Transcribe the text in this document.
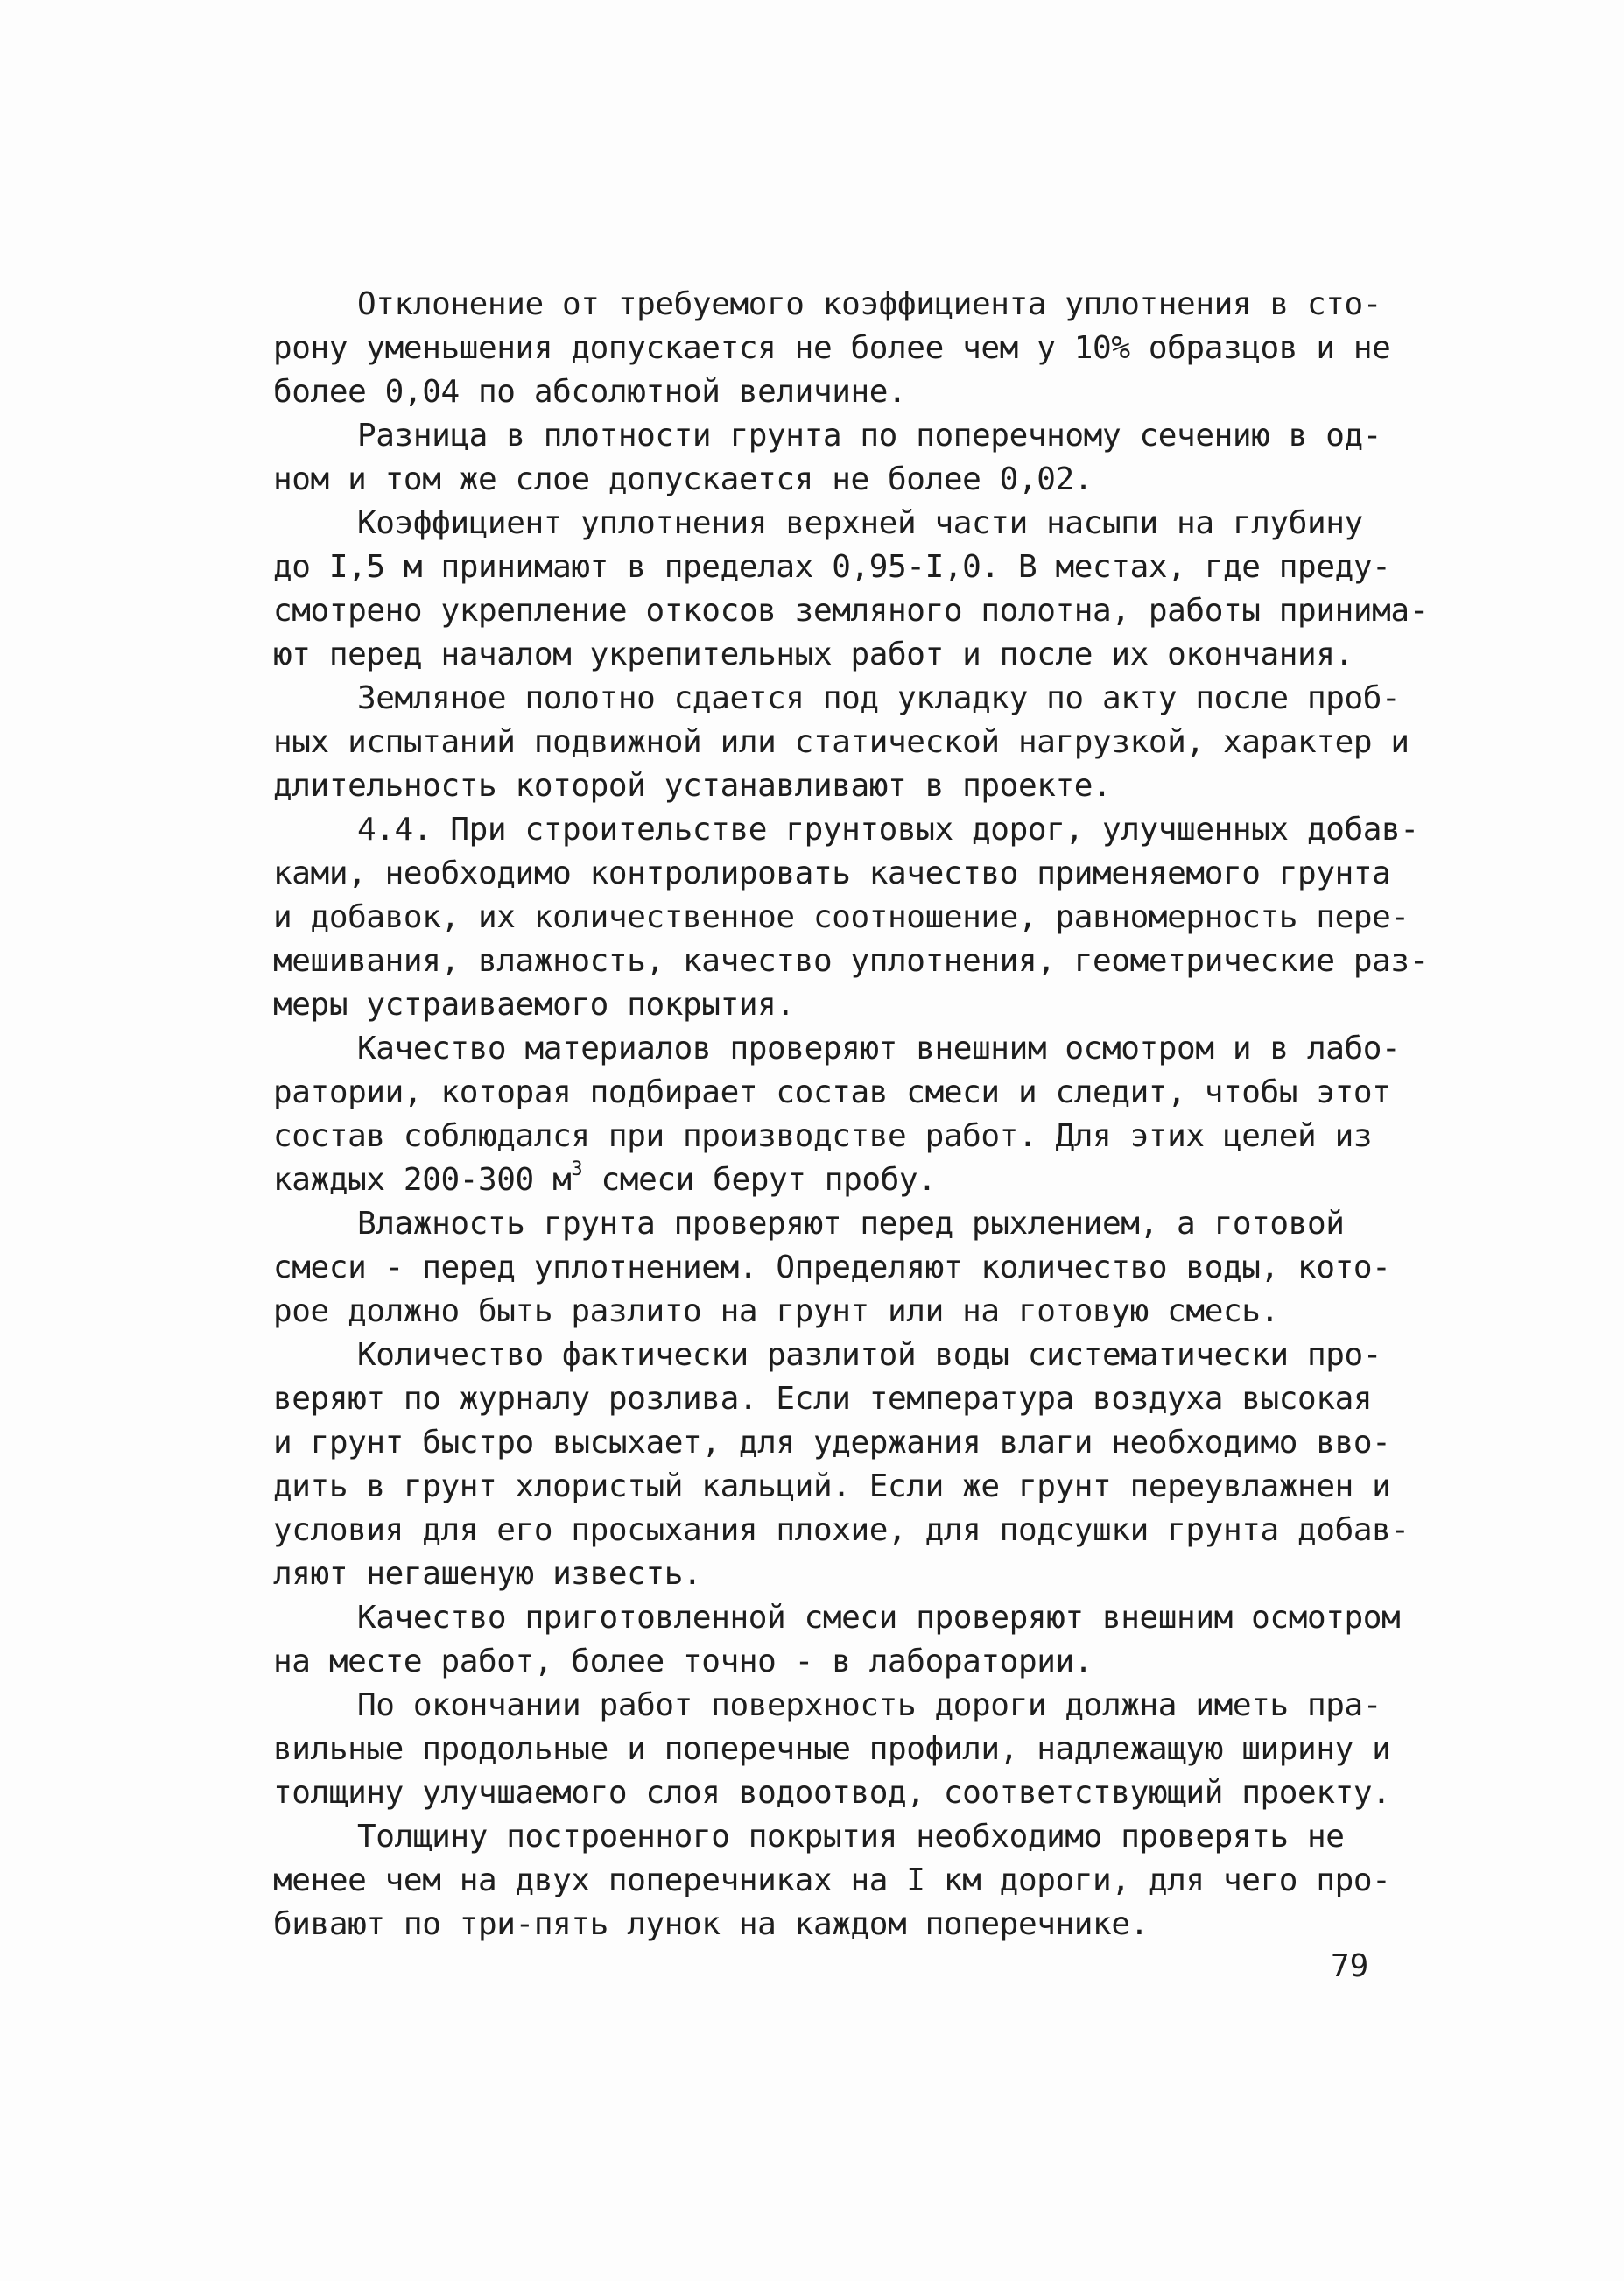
Отклонение от требуемого коэффициента уплотнения в сто-
рону уменьшения допускается не более чем у 10% образцов и не
более 0,04 по абсолютной величине.
Разница в плотности грунта по поперечному сечению в од-
ном и том же слое допускается не более 0,02.
Коэффициент уплотнения верхней части насыпи на глубину
до I,5 м принимают в пределах 0,95-I,0. В местах, где преду-
смотрено укрепление откосов земляного полотна, работы принима-
ют перед началом укрепительных работ и после их окончания.
Земляное полотно сдается под укладку по акту после проб-
ных испытаний подвижной или статической нагрузкой, характер и
длительность которой устанавливают в проекте.
4.4. При строительстве грунтовых дорог, улучшенных добав-
ками, необходимо контролировать качество применяемого грунта
и добавок, их количественное соотношение, равномерность пере-
мешивания, влажность, качество уплотнения, геометрические раз-
меры устраиваемого покрытия.
Качество материалов проверяют внешним осмотром и в лабо-
ратории, которая подбирает состав смеси и следит, чтобы этот
состав соблюдался при производстве работ. Для этих целей из
каждых 200-300 $м^3$ смеси берут пробу.
Влажность грунта проверяют перед рыхлением, а готовой
смеси - перед уплотнением. Определяют количество воды, кото-
рое должно быть разлито на грунт или на готовую смесь.
Количество фактически разлитой воды систематически про-
веряют по журналу розлива. Если температура воздуха высокая
и грунт быстро высыхает, для удержания влаги необходимо вво-
дить в грунт хлористый кальций. Если же грунт переувлажнен и
условия для его просыхания плохие, для подсушки грунта добав-
ляют негашеную известь.
Качество приготовленной смеси проверяют внешним осмотром
на месте работ, более точно - в лаборатории.
По окончании работ поверхность дороги должна иметь пра-
вильные продольные и поперечные профили, надлежащую ширину и
толщину улучшаемого слоя водоотвод, соответствующий проекту.
Толщину построенного покрытия необходимо проверять не
менее чем на двух поперечниках на I км дороги, для чего про-
бивают по три-пять лунок на каждом поперечнике.
79
